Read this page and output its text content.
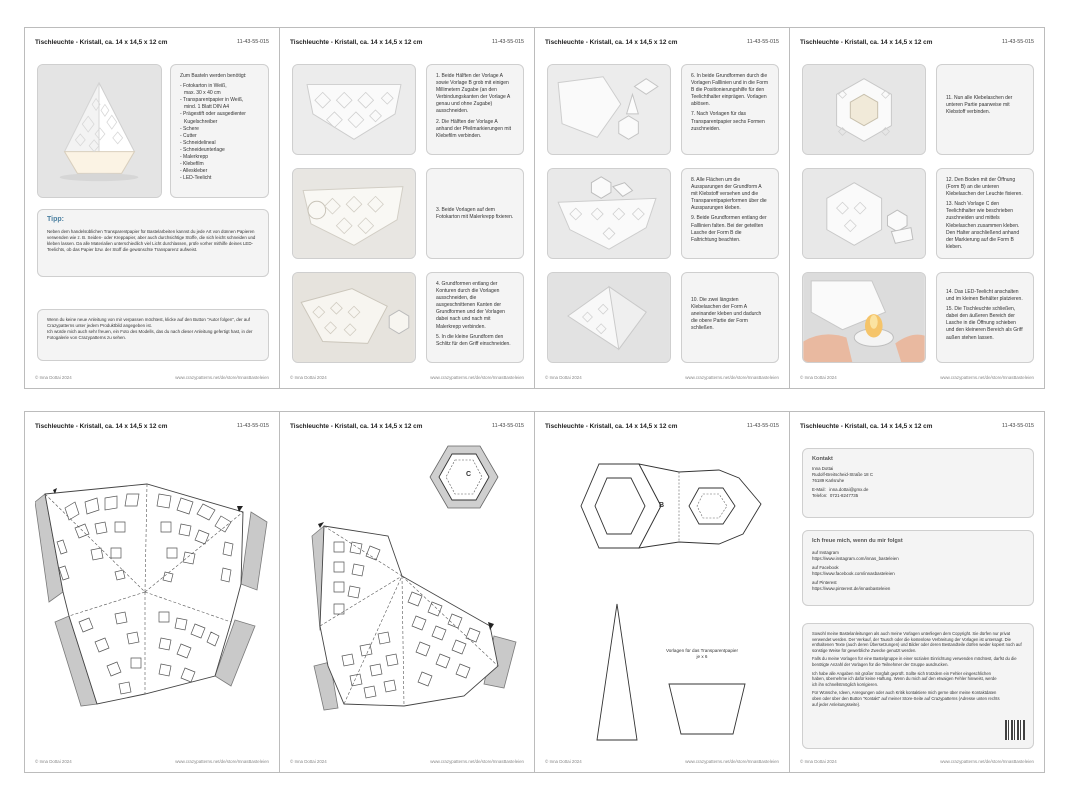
Tischleuchte - Kristall, ca. 14 x 14,5 x 12 cm	11-43-55-015

Zum Basteln werden benötigt:

- Fotokarton in Weiß,
max. 30 x 40 cm
- Transparentpapier in Weiß,
mind. 1 Blatt DIN A4
- Prägestift oder ausgedienter
Kugelschreiber
- Schere
- Cutter
- Schneidelineal
- Schneideunterlage
- Malerkrepp
- Klebefilm
- Alleskleber
- LED-Teelicht
Tipp:
Neben dem handelsüblichen Transparentpapier für Bastelarbeiten kannst du jede Art von dünnen Papieren verwenden wie z. B. Seiden- oder Kreppapier, aber auch durchsichtige Stoffe, die sich leicht schneiden und kleben lassen. Da alle Materialien unterschiedlich viel Licht durchlassen, prüfe vorher mithilfe deines LED-Teelichts, ob das Papier bzw. der Stoff die gewünschte Transparenz aufweist.

Wenn du keine neue Anleitung von mir verpassen möchtest, klicke auf den Button "Autor folgen", der auf Crazypatterns unter jedem Produktbild angegeben ist.

Ich würde mich auch sehr freuen, ein Foto des Modells, das du nach dieser Anleitung gefertigt hast, in der Fotogalerie von Crazypatterns zu sehen.

© Inna Dottai 2024	www.crazypatterns.net/de/store/InnasBasteleien
Tischleuchte - Kristall, ca. 14 x 14,5 x 12 cm	11-43-55-015

1. Beide Hälften der Vorlage A sowie Vorlage B grob mit einigen Millimetern Zugabe (an den Verbindungskanten der Vorlage A genau und ohne Zugabe) ausschneiden.

2. Die Hälften der Vorlage A anhand der Pfeilmarkierungen mit Klebefilm verbinden.

3. Beide Vorlagen auf dem Fotokarton mit Malerkrepp fixieren.

4. Grundformen entlang der Konturen durch die Vorlagen ausschneiden, die ausgeschnittenen Kanten der Grundformen und der Vorlagen dabei nach und nach mit Malerkrepp verbinden.

5. In die kleine Grundform den Schlitz für den Griff einschneiden.

© Inna Dottai 2024	www.crazypatterns.net/de/store/InnasBasteleien
Tischleuchte - Kristall, ca. 14 x 14,5 x 12 cm	11-43-55-015

6. In beide Grundformen durch die Vorlagen Falllinien und in die Form B die Positionierungshilfe für den Teelichthalter einprägen. Vorlagen ablösen.

7. Nach Vorlagen für das Transparentpapier sechs Formen zuschneiden.

8. Alle Flächen um die Aussparungen der Grundform A mit Klebstoff versehen und die Transparentpapierformen über die Aussparungen kleben.

9. Beide Grundformen entlang der Falllinien falten. Bei der geteilten Lasche der Form B die Faltrichtung beachten.

10. Die zwei längsten Klebelaschen der Form A aneinander kleben und dadurch die obere Partie der Form schließen.

© Inna Dottai 2024	www.crazypatterns.net/de/store/InnasBasteleien
Tischleuchte - Kristall, ca. 14 x 14,5 x 12 cm	11-43-55-015

11. Nun alle Klebelaschen der unteren Partie paarweise mit Klebstoff verbinden.

12. Den Boden mit der Öffnung (Form B) an die unteren Klebelaschen der Leuchte fixieren.

13. Nach Vorlage C den Teelichthalter wie beschrieben zuschneiden und mittels Klebelaschen zusammen kleben. Den Halter anschließend anhand der Markierung auf die Form B kleben.

14. Das LED-Teelicht anschalten und im kleinen Behälter platzieren.

15. Die Tischleuchte schließen, dabei den äußeren Bereich der Lasche in die Öffnung schieben und den kleineren Bereich als Griff außen stehen lassen.

© Inna Dottai 2024	www.crazypatterns.net/de/store/InnasBasteleien
Tischleuchte - Kristall, ca. 14 x 14,5 x 12 cm	11-43-55-015
© Inna Dottai 2024	www.crazypatterns.net/de/store/InnasBasteleien
Tischleuchte - Kristall, ca. 14 x 14,5 x 12 cm	11-43-55-015
C
© Inna Dottai 2024	www.crazypatterns.net/de/store/InnasBasteleien
Tischleuchte - Kristall, ca. 14 x 14,5 x 12 cm	11-43-55-015
B
Vorlagen für das Transparentpapier
je x 6
© Inna Dottai 2024	www.crazypatterns.net/de/store/InnasBasteleien
Tischleuchte - Kristall, ca. 14 x 14,5 x 12 cm	11-43-55-015
Kontakt
Inna Dottai
Rudolf-Breitscheid-Straße 18 C
76189 Karlsruhe
E-Mail:   inna.dottai@gmx.de
Telefon:  0721-8247735
Ich freue mich, wenn du mir folgst
auf Instagram
https://www.instagram.com/innas_basteleien
auf Facebook
https://www.facebook.com/innasbasteleien
auf Pinterest
https://www.pinterest.de/innasbasteleien

Sowohl meine Bastelanleitungen als auch meine Vorlagen unterliegen dem Copyright. Sie dürfen nur privat verwendet werden. Der Verkauf, der Tausch oder die kostenlose Verbreitung der Vorlagen ist untersagt. Die enthaltenen Texte (auch deren Übersetzungen) und Bilder oder deren Bestandteile dürfen weder kopiert noch auf sonstige Weise für gewerbliche Zwecke genutzt werden.

Falls du meine Vorlagen für eine Bastelgruppe in einer sozialen Einrichtung verwenden möchtest, darfst du die benötigte Anzahl der Vorlagen für die Teilnehmer der Gruppe ausdrucken.

Ich habe alle Angaben mit großer Sorgfalt geprüft. Sollte sich trotzdem ein Fehler eingeschlichen haben, übernehme ich dafür keine Haftung. Wenn du mich auf den etwaigen Fehler hinweist, werde ich ihn schnellstmöglich korrigieren.

Für Wünsche, Ideen, Anregungen oder auch Kritik kontaktiere mich gerne über meine Kontaktdaten oben oder über den Button "Kontakt" auf meiner Store-Seite auf Crazypatterns (Adresse unten rechts auf jeder Anleitungsseite).

© Inna Dottai 2024	www.crazypatterns.net/de/store/InnasBasteleien
